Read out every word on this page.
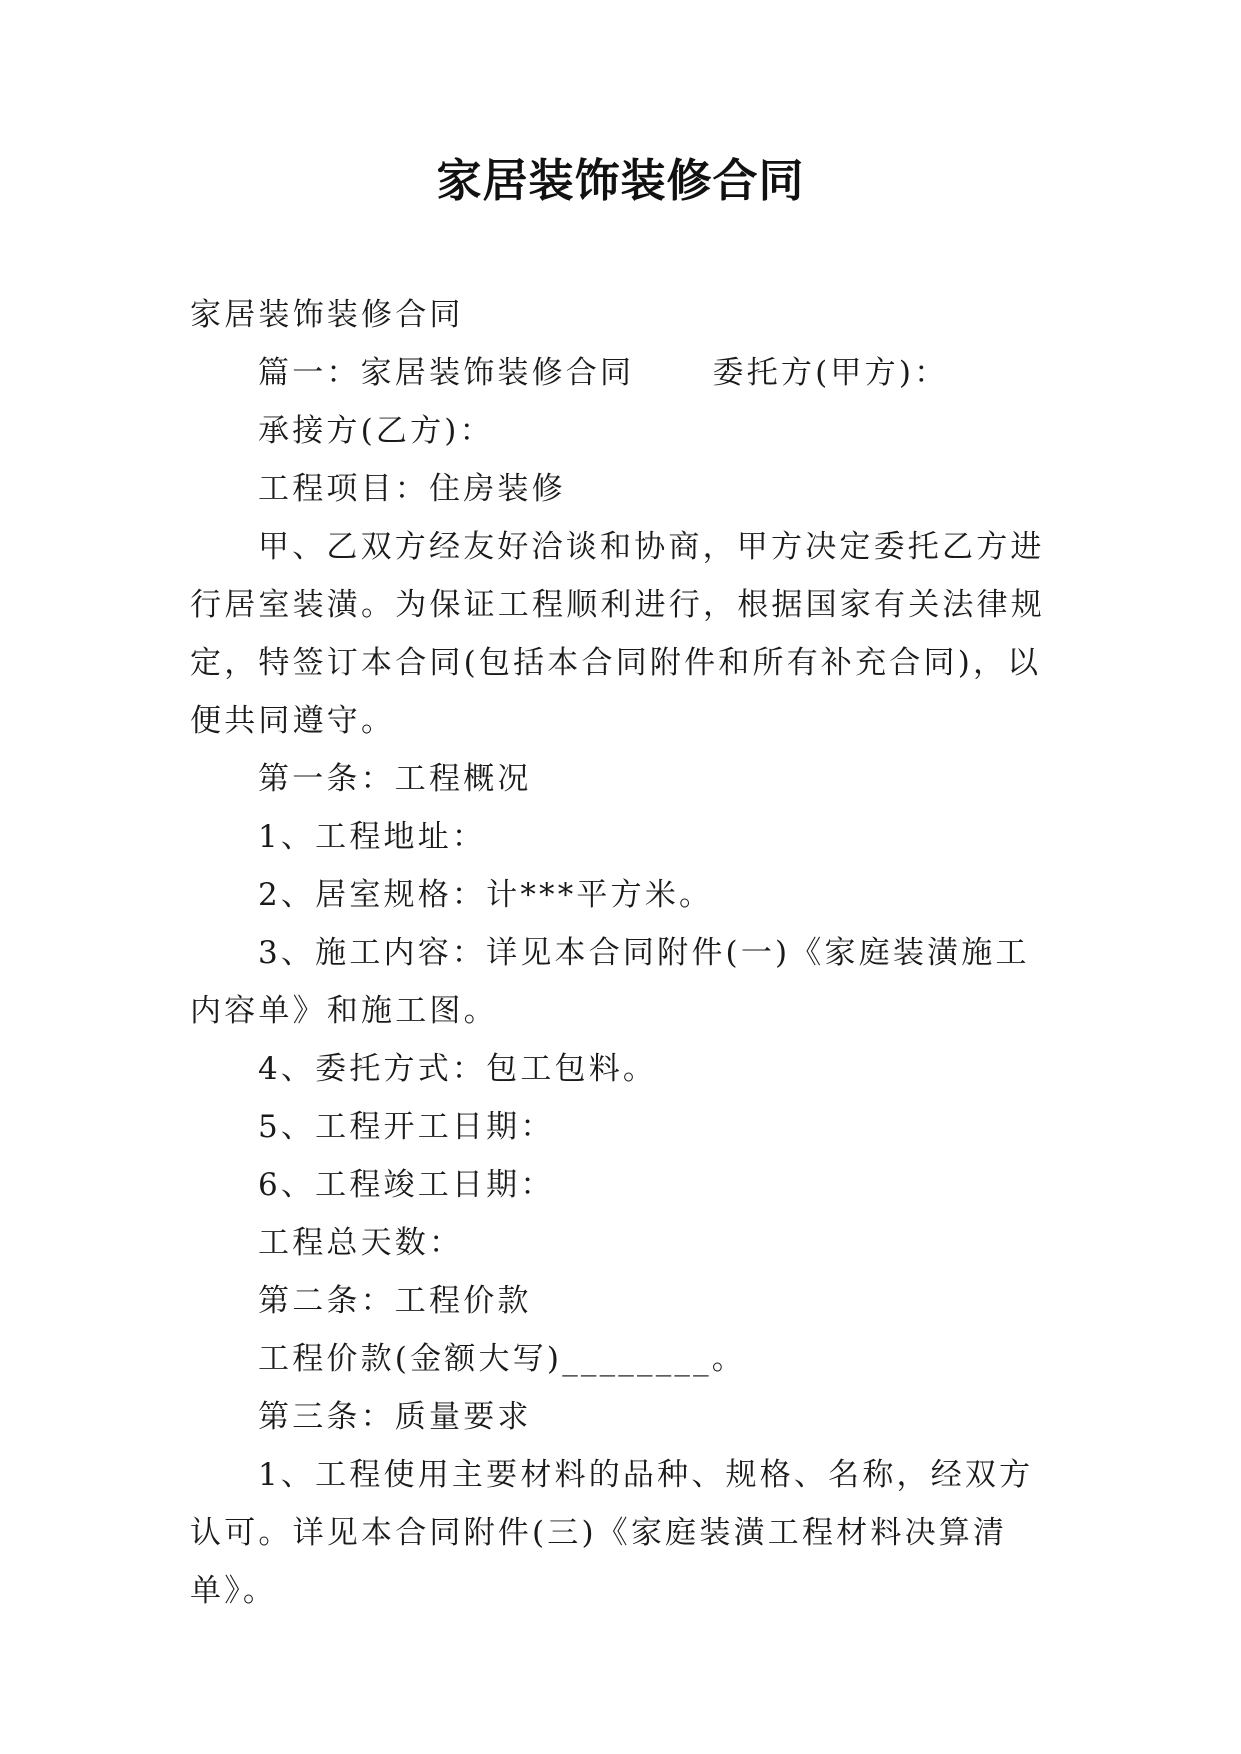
家居装饰装修合同

家居装饰装修合同

篇一：家居装饰装修合同      委托方(甲方)：

承接方(乙方)：

工程项目：住房装修

甲、乙双方经友好洽谈和协商，甲方决定委托乙方进行居室装潢。为保证工程顺利进行，根据国家有关法律规定，特签订本合同(包括本合同附件和所有补充合同)，以便共同遵守。

第一条：工程概况

1、工程地址：

2、居室规格：计***平方米。

3、施工内容：详见本合同附件(一)《家庭装潢施工内容单》和施工图。

4、委托方式：包工包料。

5、工程开工日期：

6、工程竣工日期：

工程总天数：

第二条：工程价款

工程价款(金额大写)________。

第三条：质量要求

1、工程使用主要材料的品种、规格、名称，经双方认可。详见本合同附件(三)《家庭装潢工程材料决算清单》。
